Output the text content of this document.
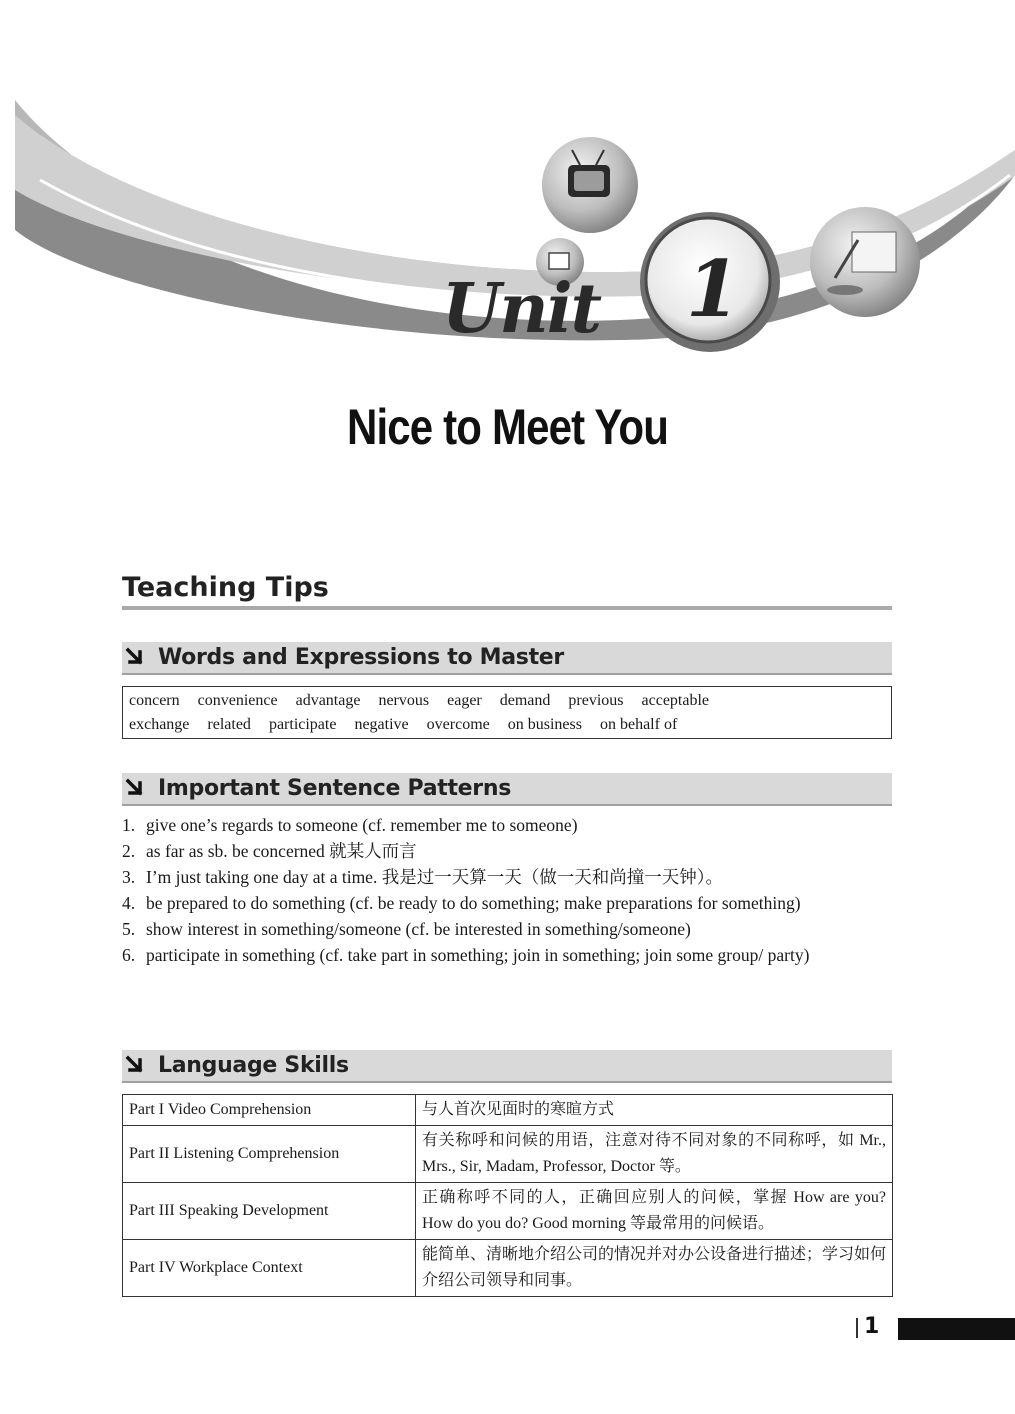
Unit 1
Nice to Meet You
Teaching Tips
Words and Expressions to Master
concern convenience advantage nervous eager demand previous acceptable
exchange related participate negative overcome on business on behalf of
Important Sentence Patterns
1. give one’s regards to someone (cf. remember me to someone)
2. as far as sb. be concerned 就某人而言
3. I’m just taking one day at a time. 我是过一天算一天（做一天和尚撞一天钟）。
4. be prepared to do something (cf. be ready to do something; make preparations for something)
5. show interest in something/someone (cf. be interested in something/someone)
6. participate in something (cf. take part in something; join in something; join some group/ party)
Language Skills
Part I Video Comprehension	与人首次见面时的寒暄方式
Part II Listening Comprehension	有关称呼和问候的用语，注意对待不同对象的不同称呼，如 Mr., Mrs., Sir, Madam, Professor, Doctor 等。
Part III Speaking Development	正确称呼不同的人，正确回应别人的问候，掌握 How are you? How do you do? Good morning 等最常用的问候语。
Part IV Workplace Context	能简单、清晰地介绍公司的情况并对办公设备进行描述；学习如何介绍公司领导和同事。
1
